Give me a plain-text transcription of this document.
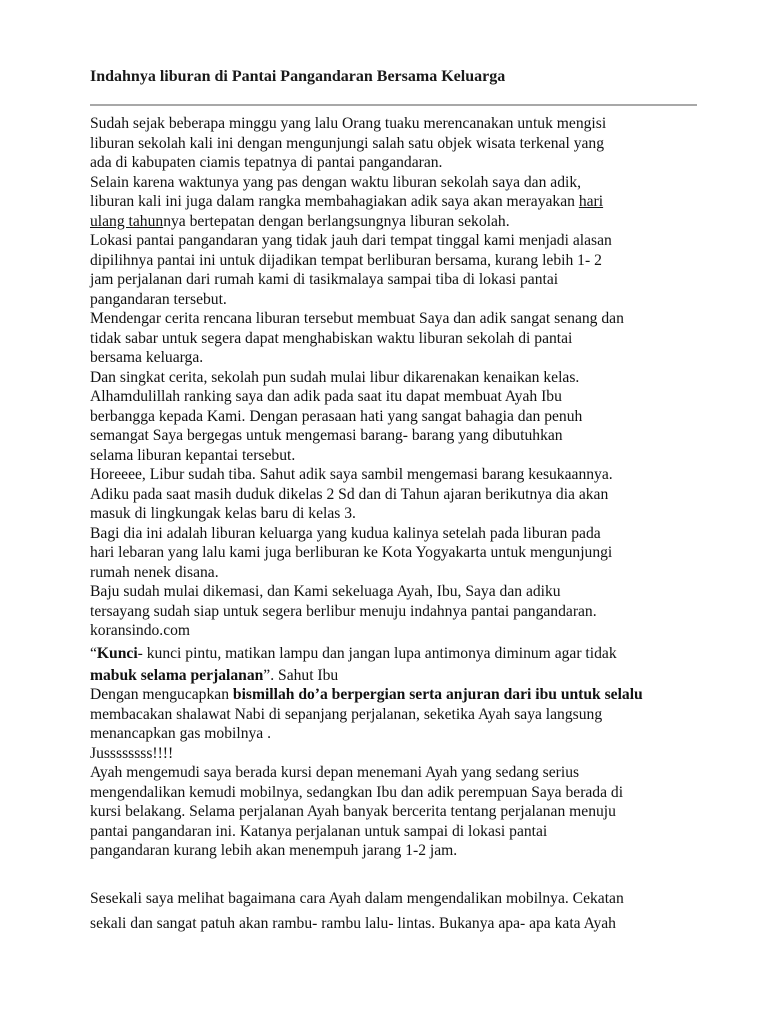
Indahnya liburan di Pantai Pangandaran Bersama Keluarga
Sudah sejak beberapa minggu yang lalu Orang tuaku merencanakan untuk mengisi
liburan sekolah kali ini dengan mengunjungi salah satu objek wisata terkenal yang
ada di kabupaten ciamis tepatnya di pantai pangandaran.
Selain karena waktunya yang pas dengan waktu liburan sekolah saya dan adik,
liburan kali ini juga dalam rangka membahagiakan adik saya akan merayakan hari
ulang tahunnya bertepatan dengan berlangsungnya liburan sekolah.
Lokasi pantai pangandaran yang tidak jauh dari tempat tinggal kami menjadi alasan
dipilihnya pantai ini untuk dijadikan tempat berliburan bersama, kurang lebih 1- 2
jam perjalanan dari rumah kami di tasikmalaya sampai tiba di lokasi pantai
pangandaran tersebut.
Mendengar cerita rencana liburan tersebut membuat Saya dan adik sangat senang dan
tidak sabar untuk segera dapat menghabiskan waktu liburan sekolah di pantai
bersama keluarga.
Dan singkat cerita, sekolah pun sudah mulai libur dikarenakan kenaikan kelas.
Alhamdulillah ranking saya dan adik pada saat itu dapat membuat Ayah Ibu
berbangga kepada Kami. Dengan perasaan hati yang sangat bahagia dan penuh
semangat Saya bergegas untuk mengemasi barang- barang yang dibutuhkan
selama liburan kepantai tersebut.
Horeeee, Libur sudah tiba. Sahut adik saya sambil mengemasi barang kesukaannya.
Adiku pada saat masih duduk dikelas 2 Sd dan di Tahun ajaran berikutnya dia akan
masuk di lingkungak kelas baru di kelas 3.
Bagi dia ini adalah liburan keluarga yang kudua kalinya setelah pada liburan pada
hari lebaran yang lalu kami juga berliburan ke Kota Yogyakarta untuk mengunjungi
rumah nenek disana.
Baju sudah mulai dikemasi, dan Kami sekeluaga Ayah, Ibu, Saya dan adiku
tersayang sudah siap untuk segera berlibur menuju indahnya pantai pangandaran.
koransindo.com
“Kunci- kunci pintu, matikan lampu dan jangan lupa antimonya diminum agar tidak
mabuk selama perjalanan”. Sahut Ibu
Dengan mengucapkan bismillah do’a berpergian serta anjuran dari ibu untuk selalu
membacakan shalawat Nabi di sepanjang perjalanan, seketika Ayah saya langsung
menancapkan gas mobilnya .
Jussssssss!!!!
Ayah mengemudi saya berada kursi depan menemani Ayah yang sedang serius
mengendalikan kemudi mobilnya, sedangkan Ibu dan adik perempuan Saya berada di
kursi belakang. Selama perjalanan Ayah banyak bercerita tentang perjalanan menuju
pantai pangandaran ini. Katanya perjalanan untuk sampai di lokasi pantai
pangandaran kurang lebih akan menempuh jarang 1-2 jam.
Sesekali saya melihat bagaimana cara Ayah dalam mengendalikan mobilnya. Cekatan
sekali dan sangat patuh akan rambu- rambu lalu- lintas. Bukanya apa- apa kata Ayah
